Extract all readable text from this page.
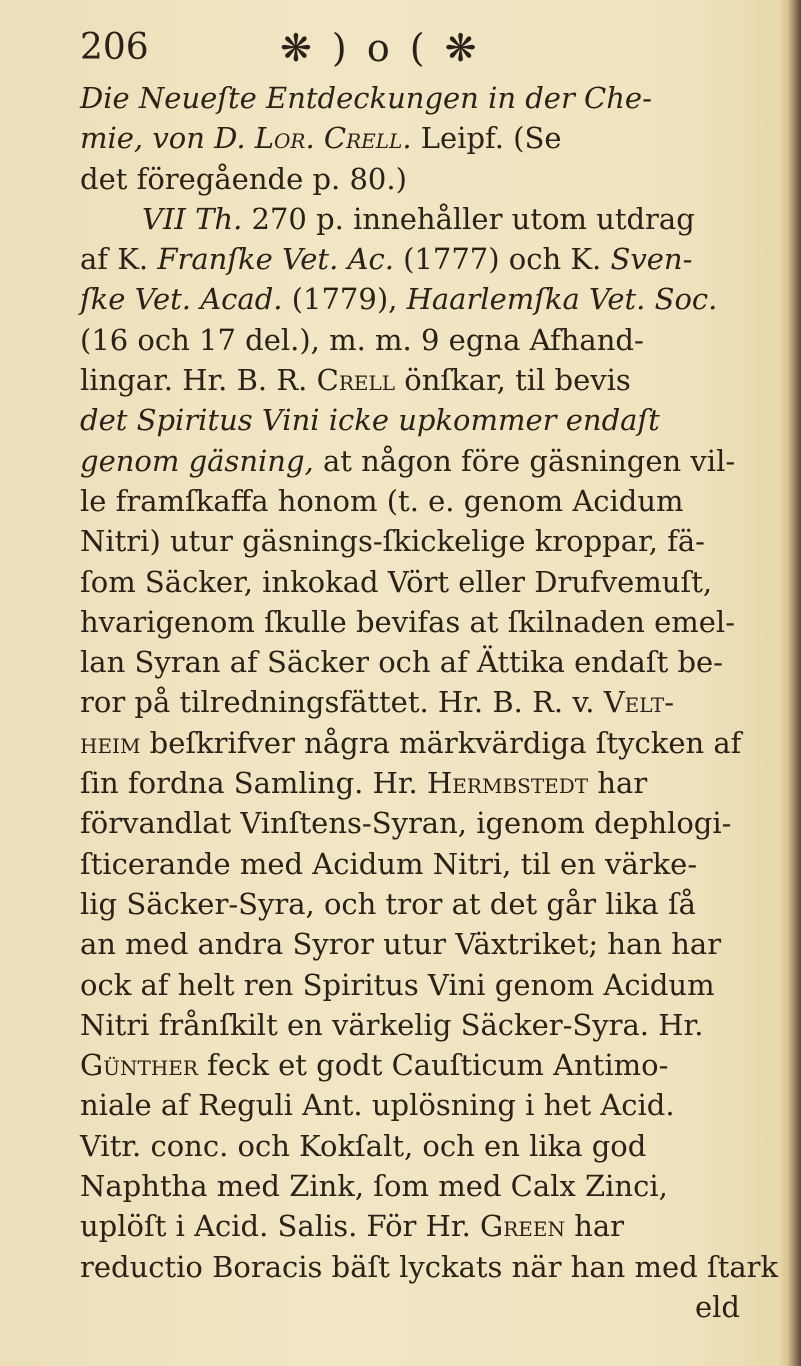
206	❋ ) o ( ❋
Die Neueſte Entdeckungen in der Che-
mie, von D. Lor. Crell. Leipf. (Se
det föregående p. 80.)
VII Th. 270 p. innehåller utom utdrag
af K. Franſke Vet. Ac. (1777) och K. Sven-
ſke Vet. Acad. (1779), Haarlemſka Vet. Soc.
(16 och 17 del.), m. m. 9 egna Afhand-
lingar. Hr. B. R. Crell önſkar, til bevis
det Spiritus Vini icke upkommer endaſt
genom gäsning, at någon före gäsningen vil-
le framſkaffa honom (t. e. genom Acidum
Nitri) utur gäsnings-ſkickelige kroppar, fä-
ſom Säcker, inkokad Vört eller Drufvemuſt,
hvarigenom ſkulle bevifas at ſkilnaden emel-
lan Syran af Säcker och af Ättika endaſt be-
ror på tilredningsfättet. Hr. B. R. v. Velt-
heim beſkrifver några märkvärdiga ſtycken af
ſin fordna Samling. Hr. Hermbstedt har
förvandlat Vinſtens-Syran, igenom dephlogi-
ſticerande med Acidum Nitri, til en värke-
lig Säcker-Syra, och tror at det går lika ſå
an med andra Syror utur Växtriket; han har
ock af helt ren Spiritus Vini genom Acidum
Nitri frånſkilt en värkelig Säcker-Syra. Hr.
Günther feck et godt Cauſticum Antimo-
niale af Reguli Ant. uplösning i het Acid.
Vitr. conc. och Kokſalt, och en lika god
Naphtha med Zink, ſom med Calx Zinci,
uplöſt i Acid. Salis. För Hr. Green har
reductio Boracis bäſt lyckats när han med ſtark
eld
